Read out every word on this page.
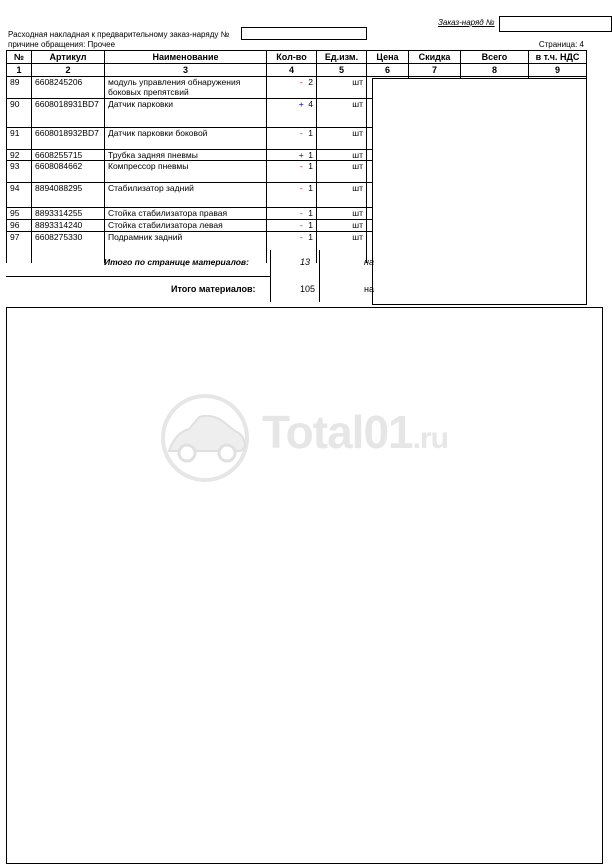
Расходная накладная к предварительному заказ-наряду №
Заказ-наряд №
причине обращения: Прочее	Страница: 4
№	Артикул	Наименование	Кол-во	Ед.изм.	Цена	Скидка	Всего	в т.ч. НДС
1	2	3	4	5	6	7	8	9
89	6608245206	модуль управления обнаружения боковых препятсвий	- 2	шт				
90	6608018931BD7	Датчик парковки	+ 4	шт				
91	6608018932BD7	Датчик парковки боковой	- 1	шт				
92	6608255715	Трубка задняя пневмы	+ 1	шт				
93	6608084662	Компрессор пневмы	- 1	шт				
94	8894088295	Стабилизатор задний	- 1	шт				
95	8893314255	Стойка стабилизатора правая	- 1	шт				
96	8893314240	Стойка стабилизатора левая	- 1	шт				
97	6608275330	Подрамник задний	- 1	шт				

Итого по странице материалов:	13	на
Итого материалов:	105	на
Total01.ru
